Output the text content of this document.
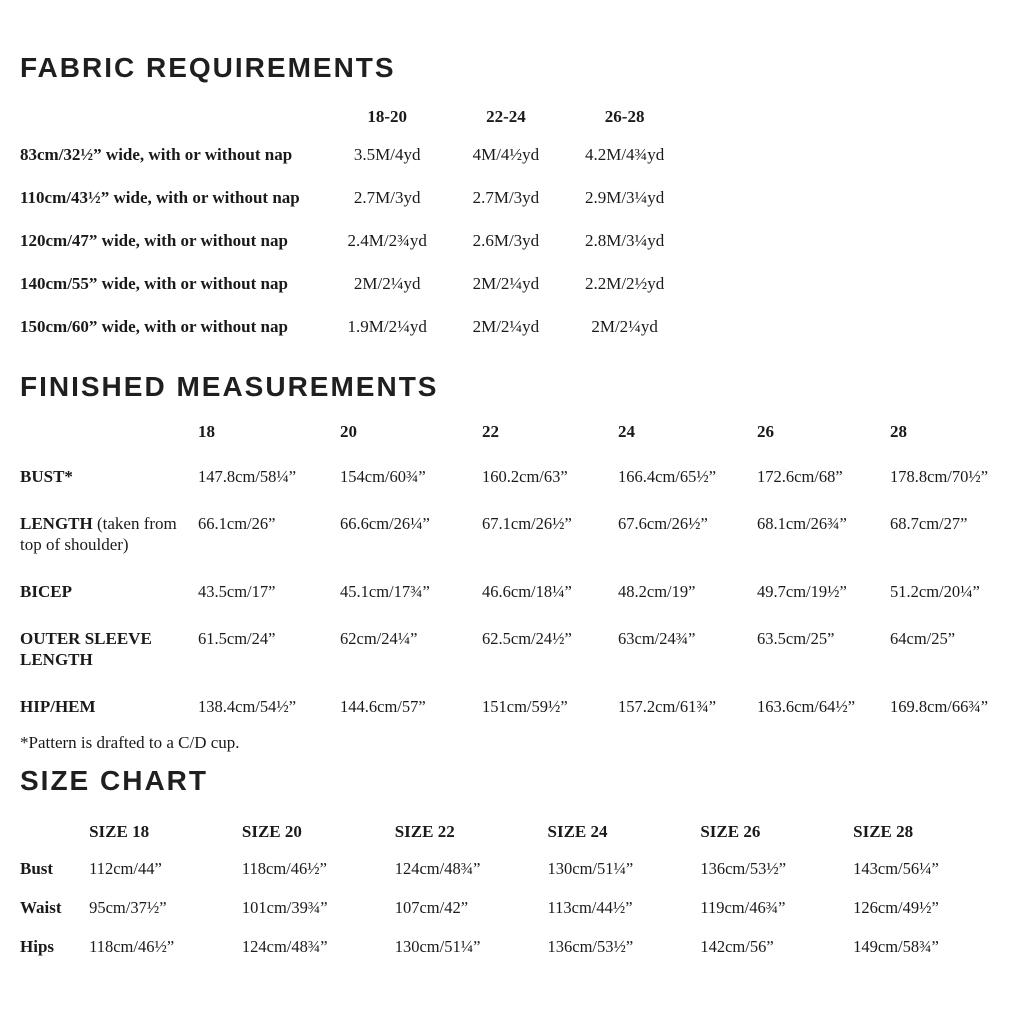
FABRIC REQUIREMENTS
	18-20	22-24	26-28
83cm/32½” wide, with or without nap	3.5M/4yd	4M/4½yd	4.2M/4¾yd
110cm/43½” wide, with or without nap	2.7M/3yd	2.7M/3yd	2.9M/3¼yd
120cm/47” wide, with or without nap	2.4M/2¾yd	2.6M/3yd	2.8M/3¼yd
140cm/55” wide, with or without nap	2M/2¼yd	2M/2¼yd	2.2M/2½yd
150cm/60” wide, with or without nap	1.9M/2¼yd	2M/2¼yd	2M/2¼yd
FINISHED MEASUREMENTS
	18	20	22	24	26	28
BUST*	147.8cm/58¼”	154cm/60¾”	160.2cm/63”	166.4cm/65½”	172.6cm/68”	178.8cm/70½”
LENGTH (taken from top of shoulder)	66.1cm/26”	66.6cm/26¼”	67.1cm/26½”	67.6cm/26½”	68.1cm/26¾”	68.7cm/27”
BICEP	43.5cm/17”	45.1cm/17¾”	46.6cm/18¼”	48.2cm/19”	49.7cm/19½”	51.2cm/20¼”
OUTER SLEEVE LENGTH	61.5cm/24”	62cm/24¼”	62.5cm/24½”	63cm/24¾”	63.5cm/25”	64cm/25”
HIP/HEM	138.4cm/54½”	144.6cm/57”	151cm/59½”	157.2cm/61¾”	163.6cm/64½”	169.8cm/66¾”

*Pattern is drafted to a C/D cup.

SIZE CHART
	SIZE 18	SIZE 20	SIZE 22	SIZE 24	SIZE 26	SIZE 28
Bust	112cm/44”	118cm/46½”	124cm/48¾”	130cm/51¼”	136cm/53½”	143cm/56¼”
Waist	95cm/37½”	101cm/39¾”	107cm/42”	113cm/44½”	119cm/46¾”	126cm/49½”
Hips	118cm/46½”	124cm/48¾”	130cm/51¼”	136cm/53½”	142cm/56”	149cm/58¾”
